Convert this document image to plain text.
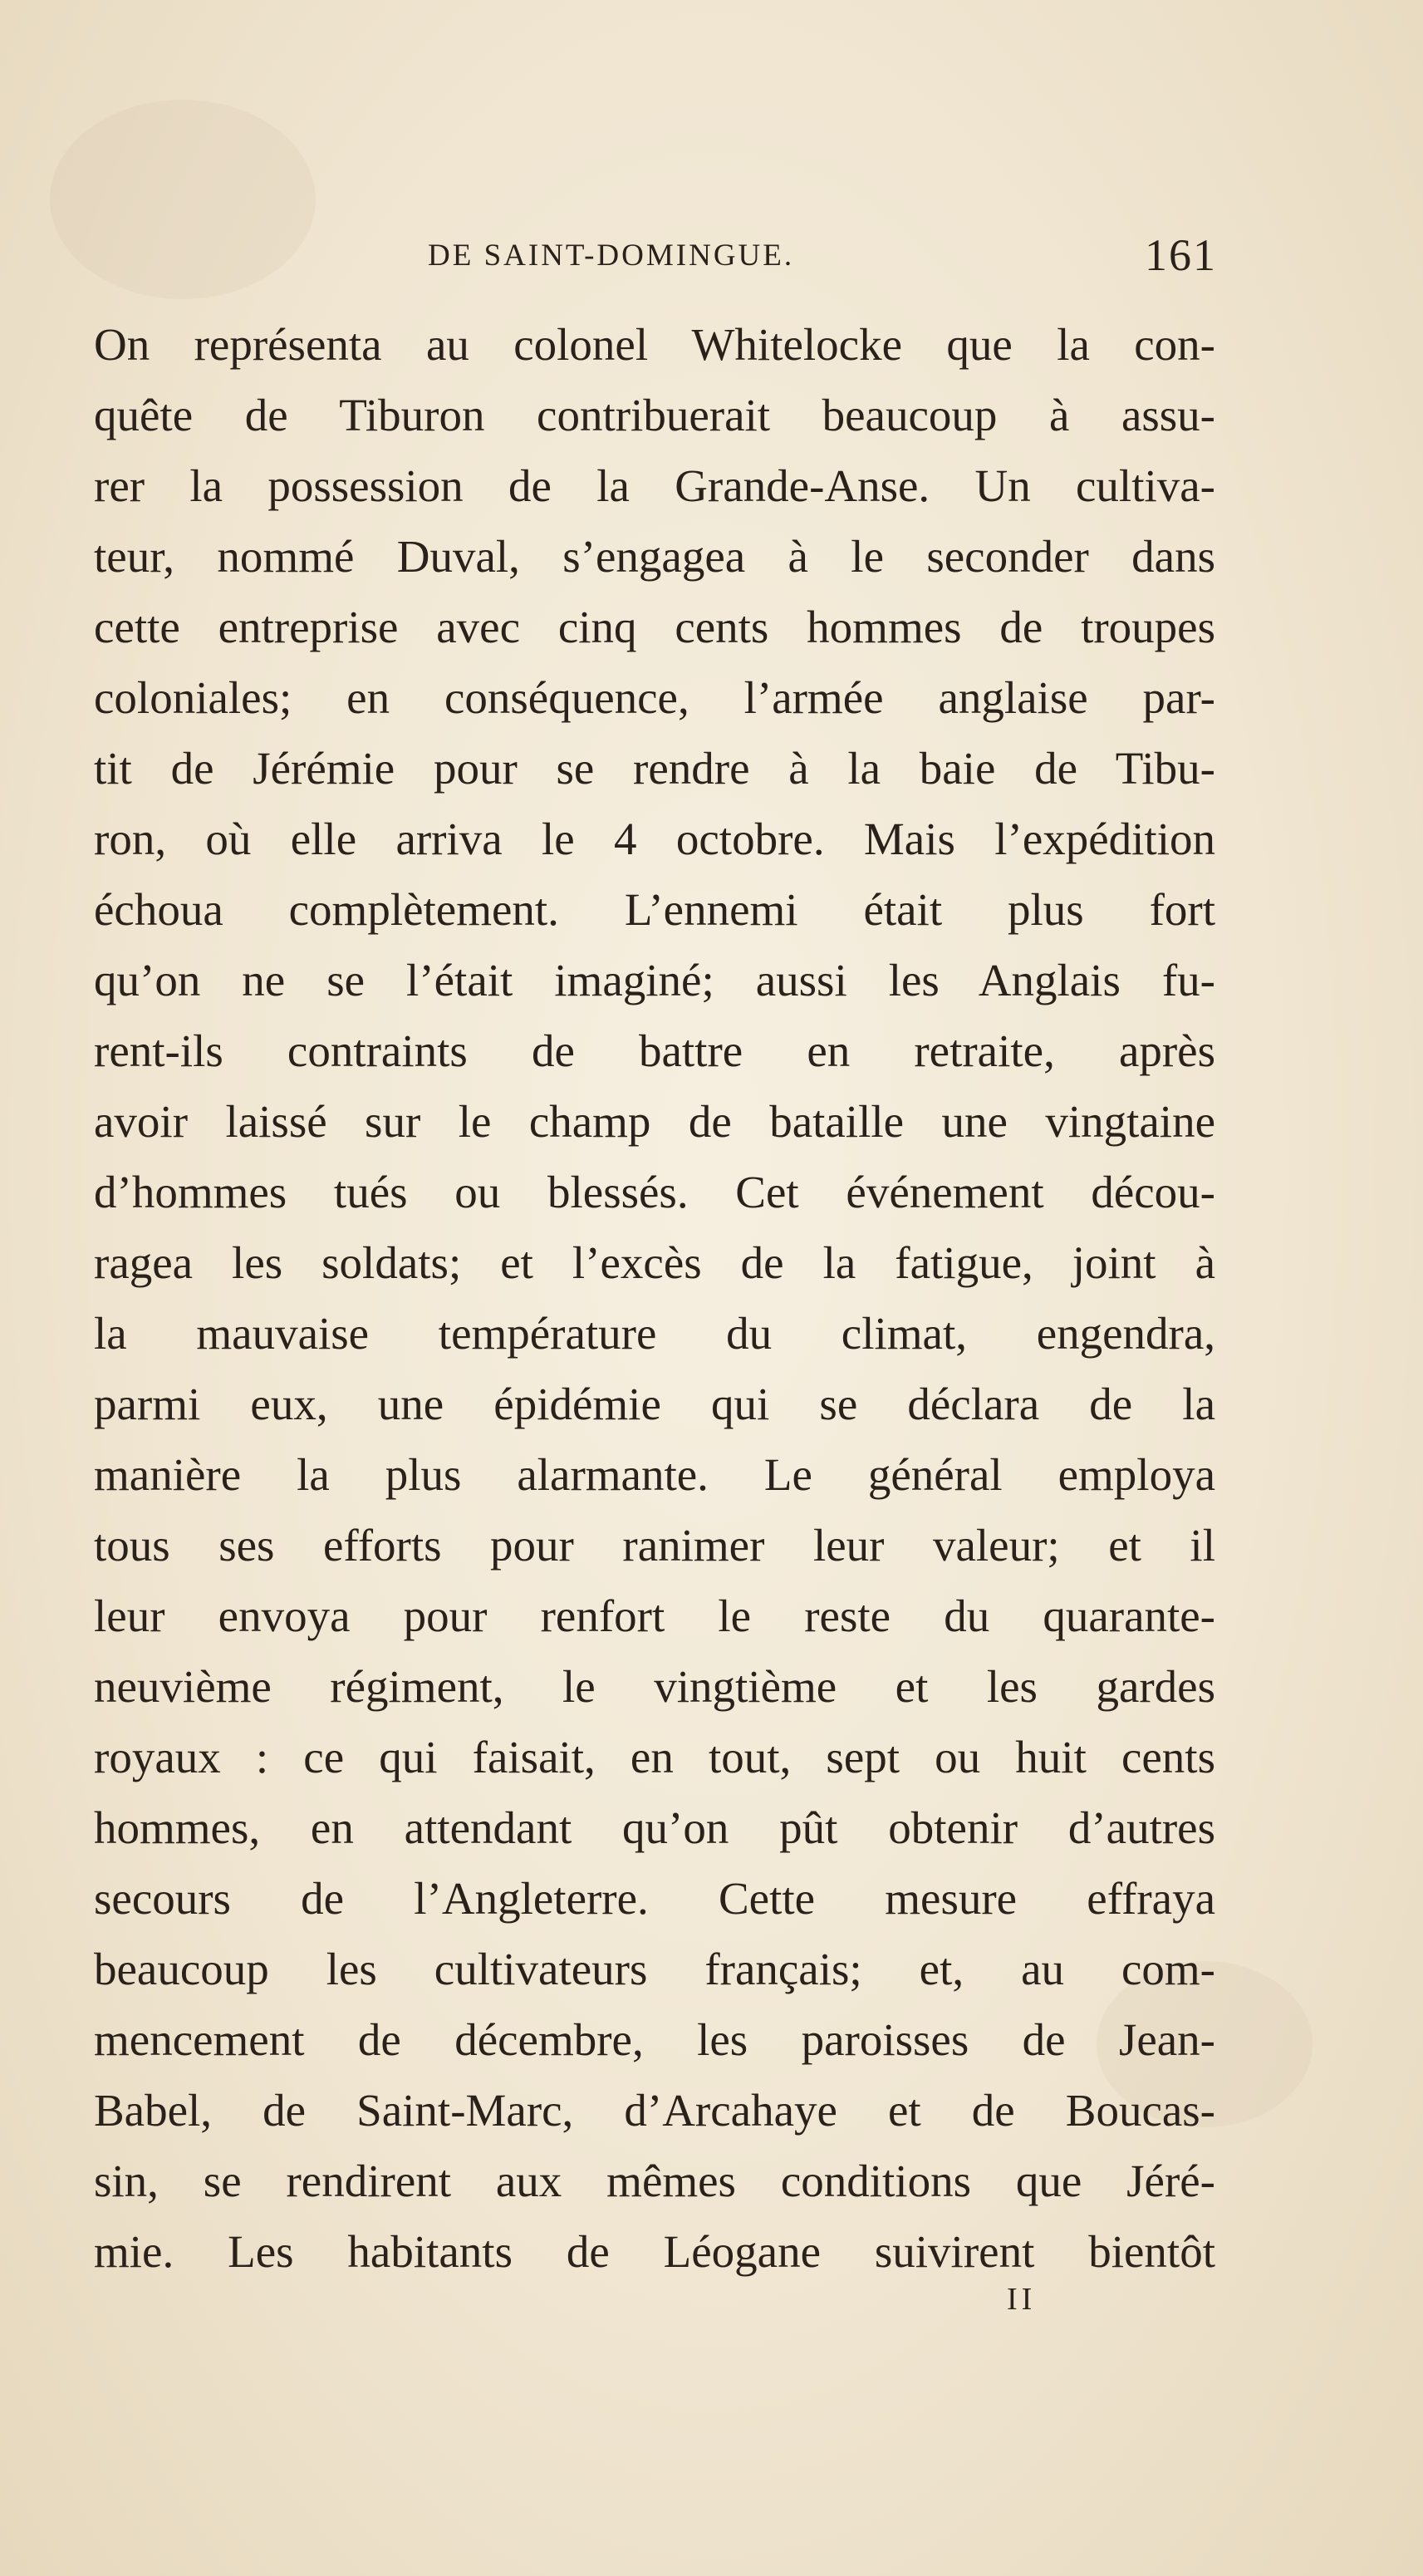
DE SAINT-DOMINGUE.	161
On représenta au colonel Whitelocke que la con-
quête de Tiburon contribuerait beaucoup à assu-
rer la possession de la Grande-Anse. Un cultiva-
teur, nommé Duval, s’engagea à le seconder dans
cette entreprise avec cinq cents hommes de troupes
coloniales; en conséquence, l’armée anglaise par-
tit de Jérémie pour se rendre à la baie de Tibu-
ron, où elle arriva le 4 octobre. Mais l’expédition
échoua complètement. L’ennemi était plus fort
qu’on ne se l’était imaginé; aussi les Anglais fu-
rent-ils contraints de battre en retraite, après
avoir laissé sur le champ de bataille une vingtaine
d’hommes tués ou blessés. Cet événement décou-
ragea les soldats; et l’excès de la fatigue, joint à
la mauvaise température du climat, engendra,
parmi eux, une épidémie qui se déclara de la
manière la plus alarmante. Le général employa
tous ses efforts pour ranimer leur valeur; et il
leur envoya pour renfort le reste du quarante-
neuvième régiment, le vingtième et les gardes
royaux : ce qui faisait, en tout, sept ou huit cents
hommes, en attendant qu’on pût obtenir d’autres
secours de l’Angleterre. Cette mesure effraya
beaucoup les cultivateurs français; et, au com-
mencement de décembre, les paroisses de Jean-
Babel, de Saint-Marc, d’Arcahaye et de Boucas-
sin, se rendirent aux mêmes conditions que Jéré-
mie. Les habitants de Léogane suivirent bientôt
II
